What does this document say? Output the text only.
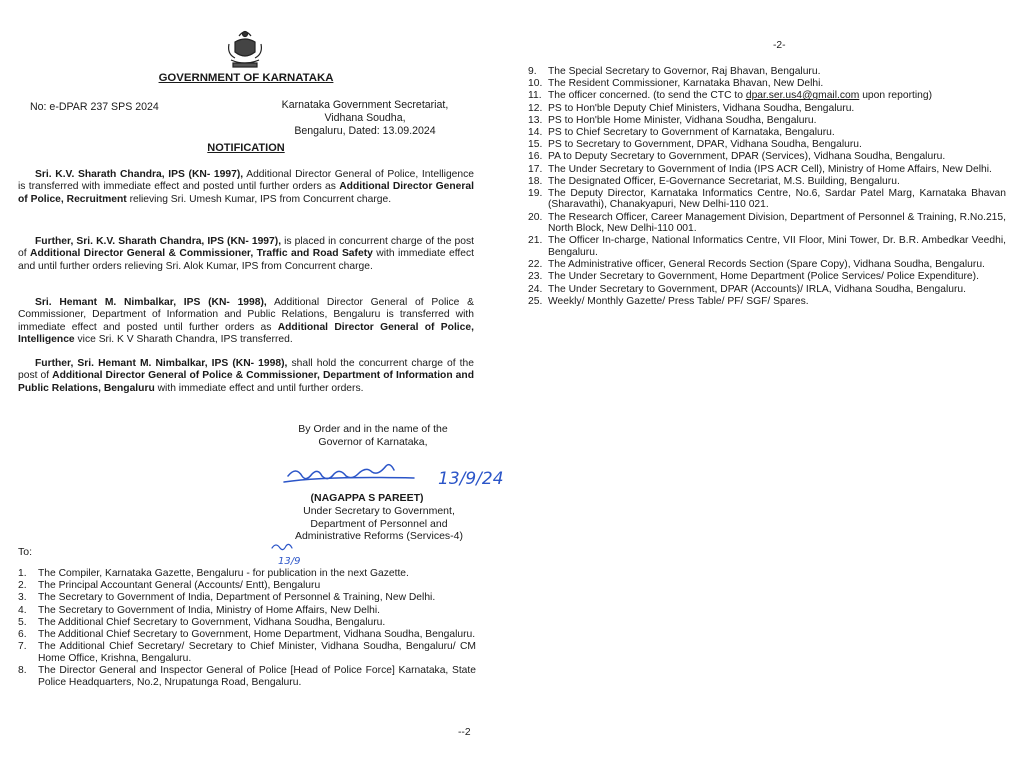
GOVERNMENT OF KARNATAKA
No: e-DPAR 237 SPS 2024	Karnataka Government Secretariat,
Vidhana Soudha,
Bengaluru, Dated: 13.09.2024
NOTIFICATION
Sri. K.V. Sharath Chandra, IPS (KN- 1997), Additional Director General of Police, Intelligence is transferred with immediate effect and posted until further orders as Additional Director General of Police, Recruitment relieving Sri. Umesh Kumar, IPS from Concurrent charge.
Further, Sri. K.V. Sharath Chandra, IPS (KN- 1997), is placed in concurrent charge of the post of Additional Director General & Commissioner, Traffic and Road Safety with immediate effect and until further orders relieving Sri. Alok Kumar, IPS from Concurrent charge.
Sri. Hemant M. Nimbalkar, IPS (KN- 1998), Additional Director General of Police & Commissioner, Department of Information and Public Relations, Bengaluru is transferred with immediate effect and posted until further orders as Additional Director General of Police, Intelligence vice Sri. K V Sharath Chandra, IPS transferred.
Further, Sri. Hemant M. Nimbalkar, IPS (KN- 1998), shall hold the concurrent charge of the post of Additional Director General of Police & Commissioner, Department of Information and Public Relations, Bengaluru with immediate effect and until further orders.
By Order and in the name of the
Governor of Karnataka,
13/9/24
(NAGAPPA S PAREET)
Under Secretary to Government,
Department of Personnel and
Administrative Reforms (Services-4)
To:
13/9
1.	The Compiler, Karnataka Gazette, Bengaluru - for publication in the next Gazette.
2.	The Principal Accountant General (Accounts/ Entt), Bengaluru
3.	The Secretary to Government of India, Department of Personnel & Training, New Delhi.
4.	The Secretary to Government of India, Ministry of Home Affairs, New Delhi.
5.	The Additional Chief Secretary to Government, Vidhana Soudha, Bengaluru.
6.	The Additional Chief Secretary to Government, Home Department, Vidhana Soudha, Bengaluru.
7.	The Additional Chief Secretary/ Secretary to Chief Minister, Vidhana Soudha, Bengaluru/ CM Home Office, Krishna, Bengaluru.
8.	The Director General and Inspector General of Police [Head of Police Force] Karnataka, State Police Headquarters, No.2, Nrupatunga Road, Bengaluru.
--2
-2-
9.	The Special Secretary to Governor, Raj Bhavan, Bengaluru.
10. The Resident Commissioner, Karnataka Bhavan, New Delhi.
11. The officer concerned. (to send the CTC to dpar.ser.us4@gmail.com upon reporting)
12. PS to Hon'ble Deputy Chief Ministers, Vidhana Soudha, Bengaluru.
13. PS to Hon'ble Home Minister, Vidhana Soudha, Bengaluru.
14. PS to Chief Secretary to Government of Karnataka, Bengaluru.
15. PS to Secretary to Government, DPAR, Vidhana Soudha, Bengaluru.
16. PA to Deputy Secretary to Government, DPAR (Services), Vidhana Soudha, Bengaluru.
17. The Under Secretary to Government of India (IPS ACR Cell), Ministry of Home Affairs, New Delhi.
18. The Designated Officer, E-Governance Secretariat, M.S. Building, Bengaluru.
19. The Deputy Director, Karnataka Informatics Centre, No.6, Sardar Patel Marg, Karnataka Bhavan (Sharavathi), Chanakyapuri, New Delhi-110 021.
20. The Research Officer, Career Management Division, Department of Personnel & Training, R.No.215, North Block, New Delhi-110 001.
21. The Officer In-charge, National Informatics Centre, VII Floor, Mini Tower, Dr. B.R. Ambedkar Veedhi, Bengaluru.
22. The Administrative officer, General Records Section (Spare Copy), Vidhana Soudha, Bengaluru.
23. The Under Secretary to Government, Home Department (Police Services/ Police Expenditure).
24. The Under Secretary to Government, DPAR (Accounts)/ IRLA, Vidhana Soudha, Bengaluru.
25. Weekly/ Monthly Gazette/ Press Table/ PF/ SGF/ Spares.
